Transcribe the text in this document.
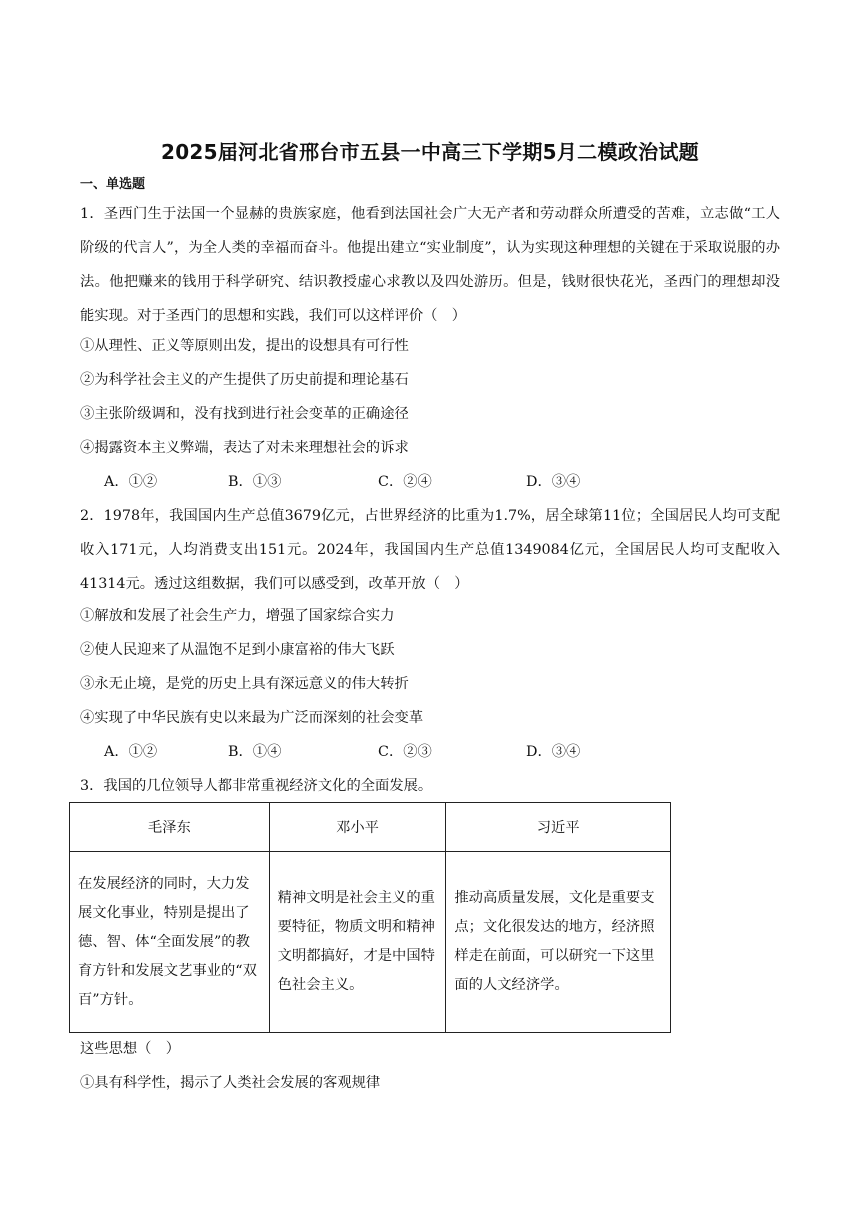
2025届河北省邢台市五县一中高三下学期5月二模政治试题
一、单选题
1．圣西门生于法国一个显赫的贵族家庭，他看到法国社会广大无产者和劳动群众所遭受的苦难，立志做“工人阶级的代言人”，为全人类的幸福而奋斗。他提出建立“实业制度”，认为实现这种理想的关键在于采取说服的办法。他把赚来的钱用于科学研究、结识教授虚心求教以及四处游历。但是，钱财很快花光，圣西门的理想却没能实现。对于圣西门的思想和实践，我们可以这样评价（　）
①从理性、正义等原则出发，提出的设想具有可行性
②为科学社会主义的产生提供了历史前提和理论基石
③主张阶级调和，没有找到进行社会变革的正确途径
④揭露资本主义弊端，表达了对未来理想社会的诉求
A．①②	B．①③	C．②④	D．③④
2．1978年，我国国内生产总值3679亿元，占世界经济的比重为1.7%，居全球第11位；全国居民人均可支配收入171元，人均消费支出151元。2024年，我国国内生产总值1349084亿元，全国居民人均可支配收入41314元。透过这组数据，我们可以感受到，改革开放（　）
①解放和发展了社会生产力，增强了国家综合实力
②使人民迎来了从温饱不足到小康富裕的伟大飞跃
③永无止境，是党的历史上具有深远意义的伟大转折
④实现了中华民族有史以来最为广泛而深刻的社会变革
A．①②	B．①④	C．②③	D．③④
3．我国的几位领导人都非常重视经济文化的全面发展。
毛泽东	邓小平	习近平
在发展经济的同时，大力发展文化事业，特别是提出了德、智、体“全面发展”的教育方针和发展文艺事业的“双百”方针。	精神文明是社会主义的重要特征，物质文明和精神文明都搞好，才是中国特色社会主义。	推动高质量发展，文化是重要支点；文化很发达的地方，经济照样走在前面，可以研究一下这里面的人文经济学。
这些思想（　）
①具有科学性，揭示了人类社会发展的客观规律
